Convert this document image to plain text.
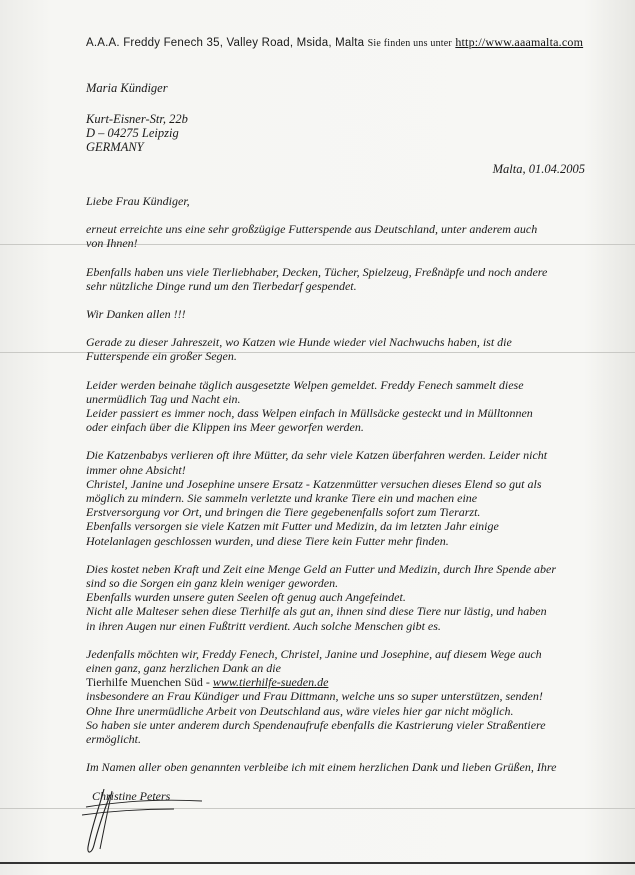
A.A.A. Freddy Fenech 35, Valley Road, Msida, Malta Sie finden uns unter http://www.aaamalta.com
Maria Kündiger
Kurt-Eisner-Str, 22b
D – 04275 Leipzig
GERMANY
Malta, 01.04.2005

Liebe Frau Kündiger,

erneut erreichte uns eine sehr großzügige Futterspende aus Deutschland, unter anderem auch

von Ihnen!

Ebenfalls haben uns viele Tierliebhaber, Decken, Tücher, Spielzeug, Freßnäpfe und noch andere

sehr nützliche Dinge rund um den Tierbedarf gespendet.

Wir Danken allen !!!

Gerade zu dieser Jahreszeit, wo Katzen wie Hunde wieder viel Nachwuchs haben, ist die

Futterspende ein großer Segen.

Leider werden beinahe täglich ausgesetzte Welpen gemeldet. Freddy Fenech sammelt diese

unermüdlich Tag und Nacht ein.

Leider passiert es immer noch, dass Welpen einfach in Müllsäcke gesteckt und in Mülltonnen

oder einfach über die Klippen ins Meer geworfen werden.

Die Katzenbabys verlieren oft ihre Mütter, da sehr viele Katzen überfahren werden. Leider nicht

immer ohne Absicht!

Christel, Janine und Josephine unsere Ersatz - Katzenmütter versuchen dieses Elend so gut als

möglich zu mindern. Sie sammeln verletzte und kranke Tiere ein und machen eine

Erstversorgung vor Ort, und bringen die Tiere gegebenenfalls sofort zum Tierarzt.

Ebenfalls versorgen sie viele Katzen mit Futter und Medizin, da im letzten Jahr einige

Hotelanlagen geschlossen wurden, und diese Tiere kein Futter mehr finden.

Dies kostet neben Kraft und Zeit eine Menge Geld an Futter und Medizin, durch Ihre Spende aber

sind so die Sorgen ein ganz klein weniger geworden.

Ebenfalls wurden unsere guten Seelen oft genug auch Angefeindet.

Nicht alle Malteser sehen diese Tierhilfe als gut an, ihnen sind diese Tiere nur lästig, und haben

in ihren Augen nur einen Fußtritt verdient. Auch solche Menschen gibt es.

Jedenfalls möchten wir, Freddy Fenech, Christel, Janine und Josephine, auf diesem Wege auch

einen ganz, ganz herzlichen Dank an die

Tierhilfe Muenchen Süd - www.tierhilfe-sueden.de

insbesondere an Frau Kündiger und Frau Dittmann, welche uns so super unterstützen, senden!

Ohne Ihre unermüdliche Arbeit von Deutschland aus, wäre vieles hier gar nicht möglich.

So haben sie unter anderem durch Spendenaufrufe ebenfalls die Kastrierung vieler Straßentiere

ermöglicht.

Im Namen aller oben genannten verbleibe ich mit einem herzlichen Dank und lieben Grüßen, Ihre

Christine Peters
